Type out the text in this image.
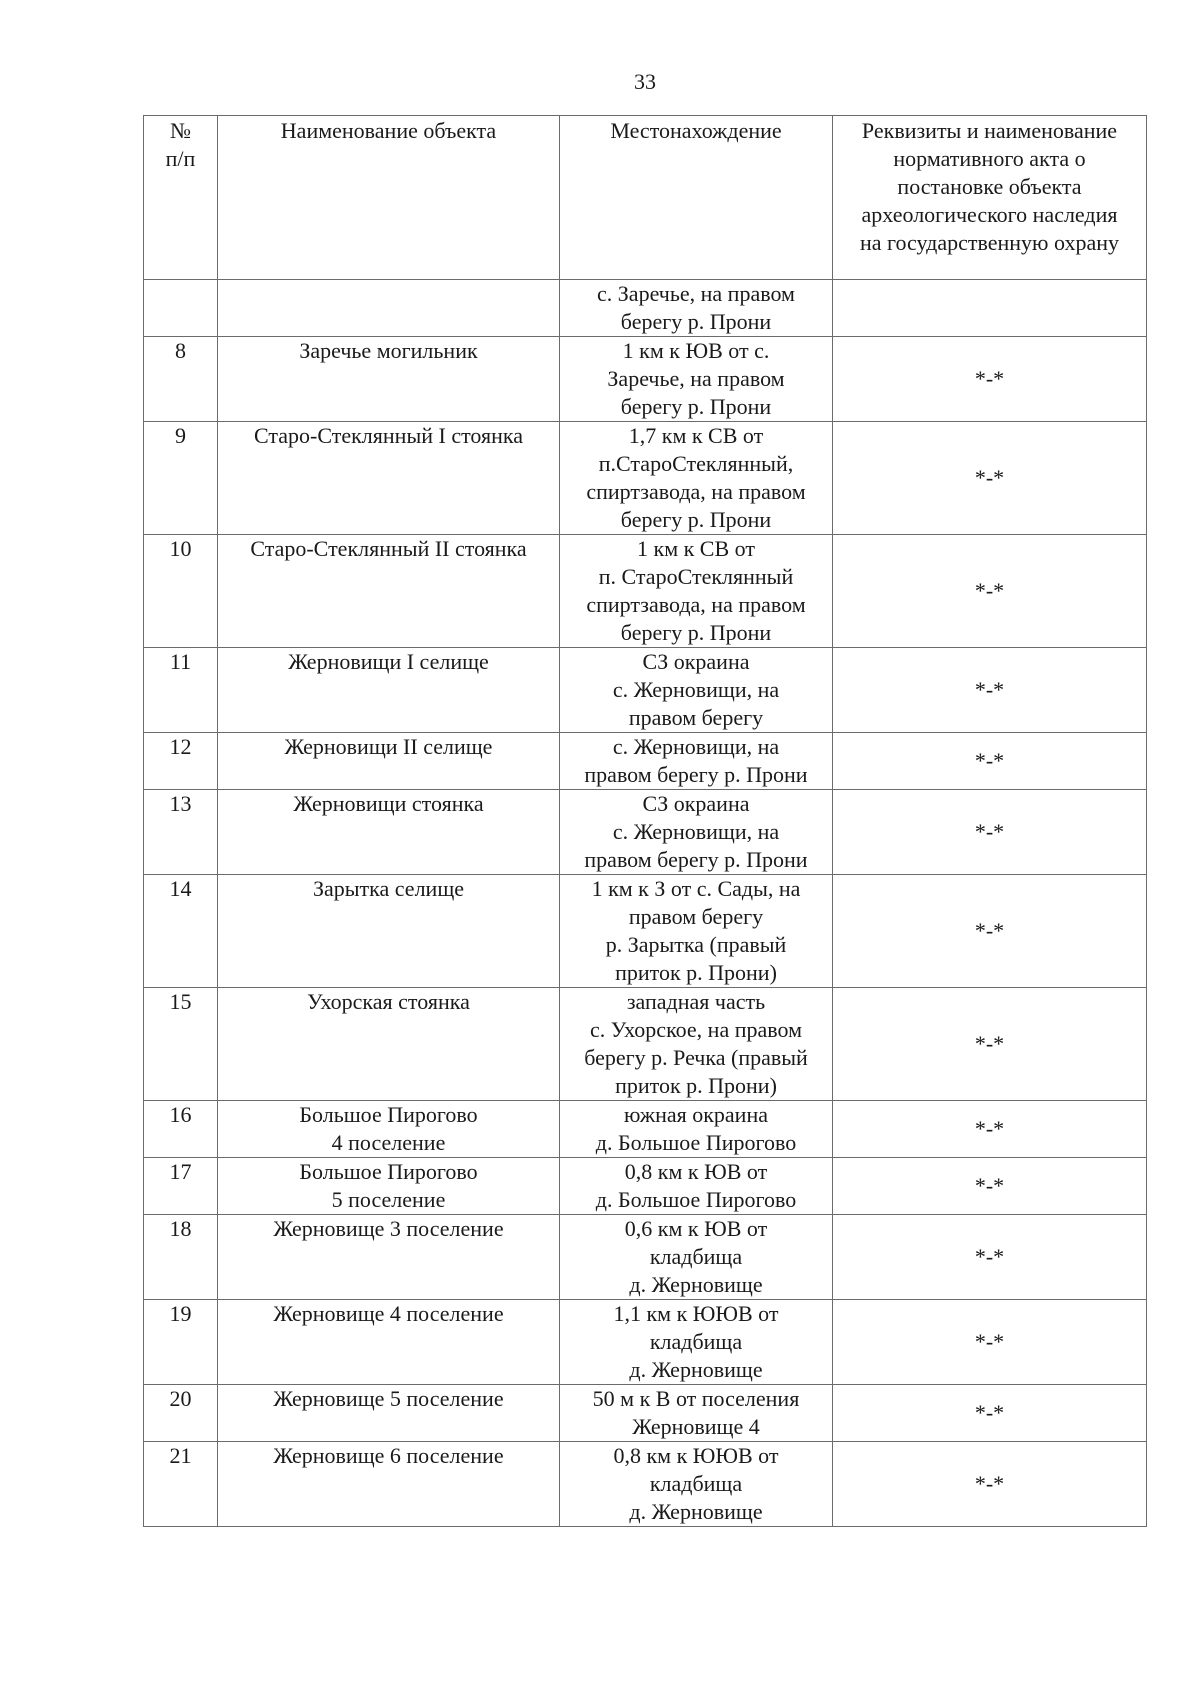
33
№
п/п	Наименование объекта	Местонахождение	Реквизиты и наименование
нормативного акта о
постановке объекта
археологического наследия
на государственную охрану

		с. Заречье, на правом
берегу р. Прони	

8	Заречье могильник	1 км к ЮВ от с.
Заречье, на правом
берегу р. Прони	*-*
9	Старо-Стеклянный I стоянка	1,7 км к СВ от
п.СтароСтеклянный,
спиртзавода, на правом
берегу р. Прони	*-*
10	Старо-Стеклянный II стоянка	1 км к СВ от
п. СтароСтеклянный
спиртзавода, на правом
берегу р. Прони	*-*
11	Жерновищи I селище	СЗ окраина
с. Жерновищи, на
правом берегу	*-*
12	Жерновищи II селище	с. Жерновищи, на
правом берегу р. Прони	*-*
13	Жерновищи стоянка	СЗ окраина
с. Жерновищи, на
правом берегу р. Прони	*-*
14	Зарытка селище	1 км к З от с. Сады, на
правом берегу
р. Зарытка (правый
приток р. Прони)	*-*
15	Ухорская стоянка	западная часть
с. Ухорское, на правом
берегу р. Речка (правый
приток р. Прони)	*-*
16	Большое Пирогово
4 поселение	южная окраина
д. Большое Пирогово	*-*
17	Большое Пирогово
5 поселение	0,8 км к ЮВ от
д. Большое Пирогово	*-*
18	Жерновище 3 поселение	0,6 км к ЮВ от
кладбища
д. Жерновище	*-*
19	Жерновище 4 поселение	1,1 км к ЮЮВ от
кладбища
д. Жерновище	*-*
20	Жерновище 5 поселение	50 м к В от поселения
Жерновище 4	*-*
21	Жерновище 6 поселение	0,8 км к ЮЮВ от
кладбища
д. Жерновище	*-*
